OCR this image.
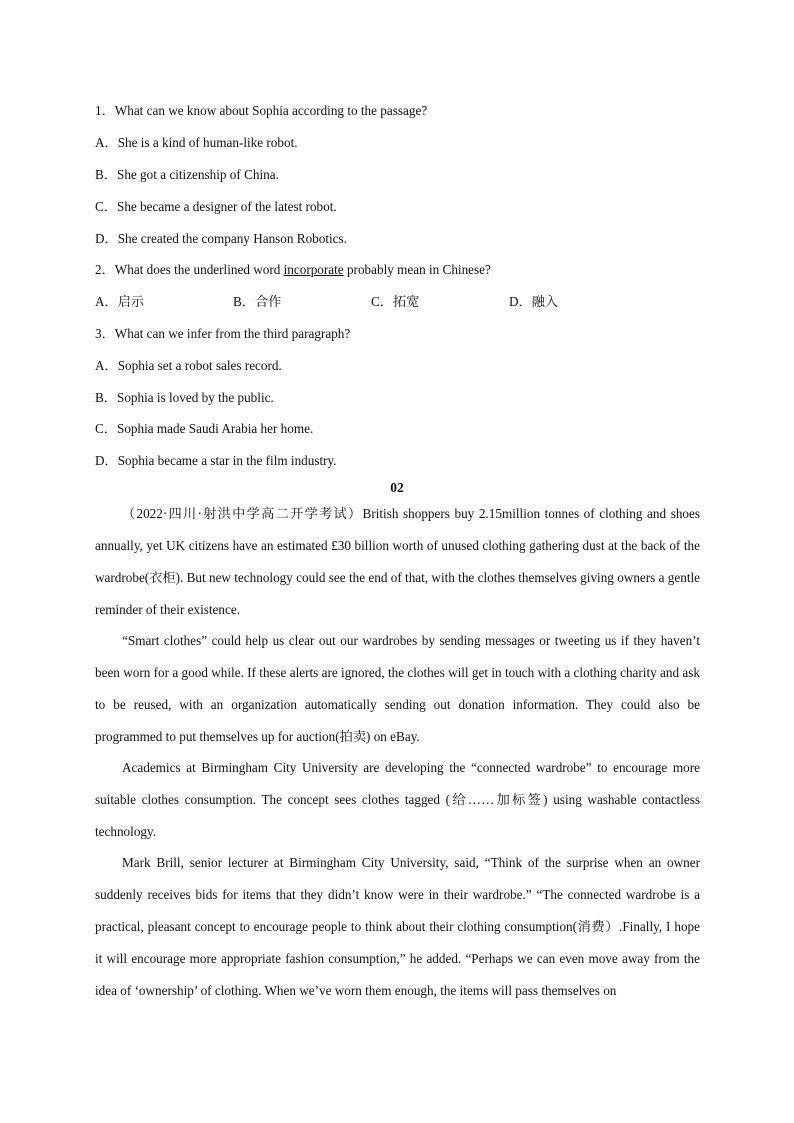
1．What can we know about Sophia according to the passage?
A．She is a kind of human-like robot.
B．She got a citizenship of China.
C．She became a designer of the latest robot.
D．She created the company Hanson Robotics.
2．What does the underlined word incorporate probably mean in Chinese?
A．启示	B．合作	C．拓宽	D．融入
3．What can we infer from the third paragraph?
A．Sophia set a robot sales record.
B．Sophia is loved by the public.
C．Sophia made Saudi Arabia her home.
D．Sophia became a star in the film industry.
02

（2022·四川·射洪中学高二开学考试）British shoppers buy 2.15million tonnes of clothing and shoes annually, yet UK citizens have an estimated £30 billion worth of unused clothing gathering dust at the back of the wardrobe(衣柜). But new technology could see the end of that, with the clothes themselves giving owners a gentle reminder of their existence.

“Smart clothes” could help us clear out our wardrobes by sending messages or tweeting us if they haven’t been worn for a good while. If these alerts are ignored, the clothes will get in touch with a clothing charity and ask to be reused, with an organization automatically sending out donation information. They could also be programmed to put themselves up for auction(拍卖) on eBay.

Academics at Birmingham City University are developing the “connected wardrobe” to encourage more suitable clothes consumption. The concept sees clothes tagged (给……加标签) using washable contactless technology.

Mark Brill, senior lecturer at Birmingham City University, said, “Think of the surprise when an owner suddenly receives bids for items that they didn’t know were in their wardrobe.” “The connected wardrobe is a practical, pleasant concept to encourage people to think about their clothing consumption(消费）.Finally, I hope it will encourage more appropriate fashion consumption,” he added. “Perhaps we can even move away from the idea of ‘ownership’ of clothing. When we’ve worn them enough, the items will pass themselves on
